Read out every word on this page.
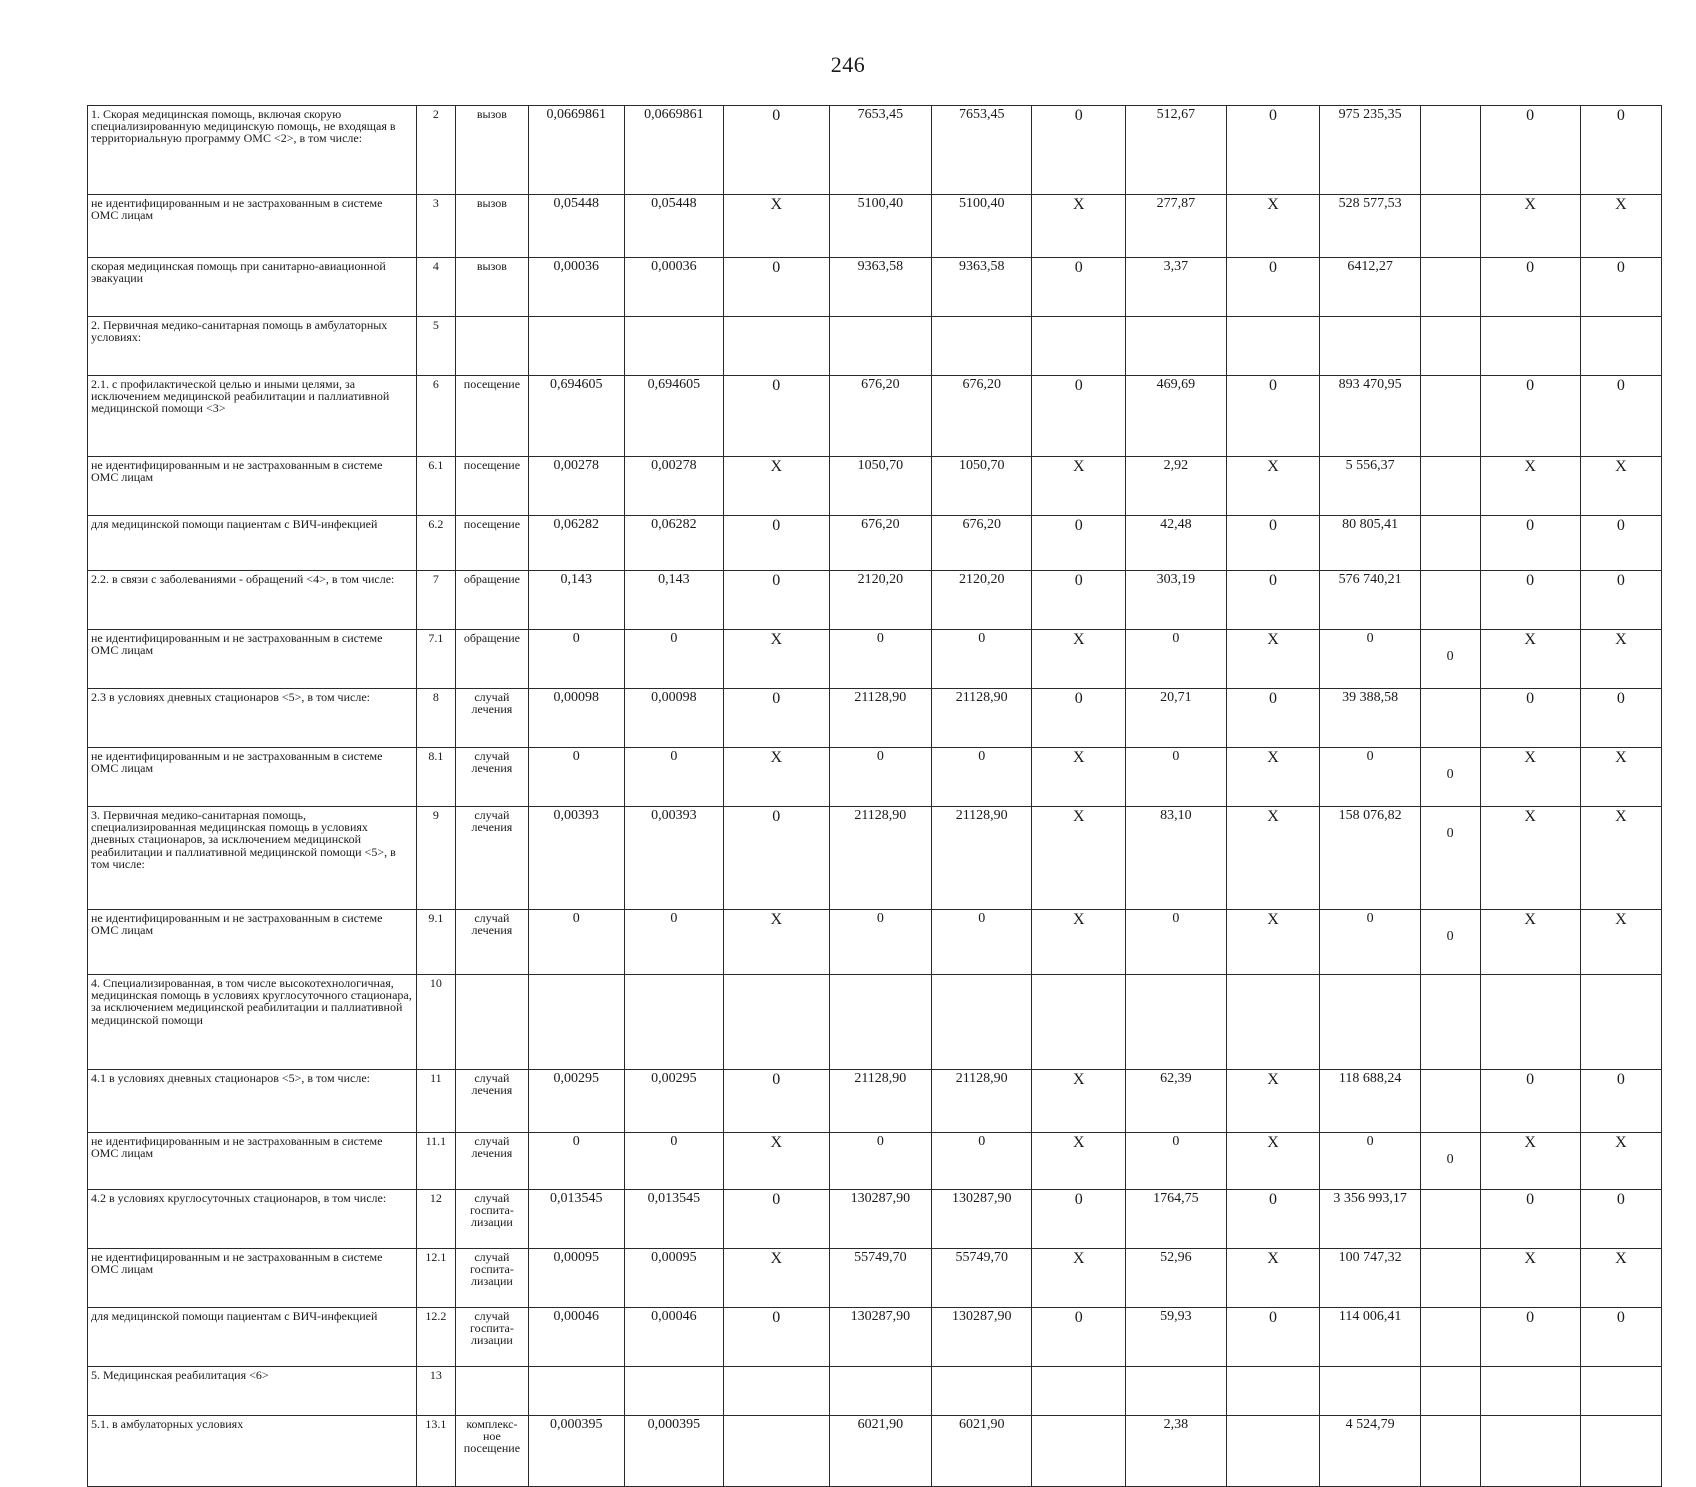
246
1. Скорая медицинская помощь, включая скорую специализированную медицинскую помощь, не входящая в территориальную программу ОМС <2>, в том числе:	2	вызов	0,0669861	0,0669861	0	7653,45	7653,45	0	512,67	0	975 235,35		0	0
не идентифицированным и не застрахованным в системе ОМС лицам	3	вызов	0,05448	0,05448	X	5100,40	5100,40	X	277,87	X	528 577,53		X	X
скорая медицинская помощь при санитарно-авиационной эвакуации	4	вызов	0,00036	0,00036	0	9363,58	9363,58	0	3,37	0	6412,27		0	0
2. Первичная медико-санитарная помощь в амбулаторных условиях:	5													
2.1. с профилактической целью и иными целями, за исключением медицинской реабилитации и паллиативной медицинской помощи <3>	6	посещение	0,694605	0,694605	0	676,20	676,20	0	469,69	0	893 470,95		0	0
не идентифицированным и не застрахованным в системе ОМС лицам	6.1	посещение	0,00278	0,00278	X	1050,70	1050,70	X	2,92	X	5 556,37		X	X
для медицинской помощи пациентам с ВИЧ-инфекцией	6.2	посещение	0,06282	0,06282	0	676,20	676,20	0	42,48	0	80 805,41		0	0
2.2. в связи с заболеваниями - обращений <4>, в том числе:	7	обращение	0,143	0,143	0	2120,20	2120,20	0	303,19	0	576 740,21		0	0
не идентифицированным и не застрахованным в системе ОМС лицам	7.1	обращение	0	0	X	0	0	X	0	X	0	0	X	X
2.3 в условиях дневных стационаров <5>, в том числе:	8	случай лечения	0,00098	0,00098	0	21128,90	21128,90	0	20,71	0	39 388,58		0	0
не идентифицированным и не застрахованным в системе ОМС лицам	8.1	случай лечения	0	0	X	0	0	X	0	X	0	0	X	X
3. Первичная медико-санитарная помощь, специализированная медицинская помощь в условиях дневных стационаров, за исключением медицинской реабилитации и паллиативной медицинской помощи <5>, в том числе:	9	случай лечения	0,00393	0,00393	0	21128,90	21128,90	X	83,10	X	158 076,82	0	X	X
не идентифицированным и не застрахованным в системе ОМС лицам	9.1	случай лечения	0	0	X	0	0	X	0	X	0	0	X	X
4. Специализированная, в том числе высокотехнологичная, медицинская помощь в условиях круглосуточного стационара, за исключением медицинской реабилитации и паллиативной медицинской помощи	10													
4.1 в условиях дневных стационаров <5>, в том числе:	11	случай лечения	0,00295	0,00295	0	21128,90	21128,90	X	62,39	X	118 688,24		0	0
не идентифицированным и не застрахованным в системе ОМС лицам	11.1	случай лечения	0	0	X	0	0	X	0	X	0	0	X	X
4.2 в условиях круглосуточных стационаров, в том числе:	12	случай госпита-лизации	0,013545	0,013545	0	130287,90	130287,90	0	1764,75	0	3 356 993,17		0	0
не идентифицированным и не застрахованным в системе ОМС лицам	12.1	случай госпита-лизации	0,00095	0,00095	X	55749,70	55749,70	X	52,96	X	100 747,32		X	X
для медицинской помощи пациентам с ВИЧ-инфекцией	12.2	случай госпита-лизации	0,00046	0,00046	0	130287,90	130287,90	0	59,93	0	114 006,41		0	0
5. Медицинская реабилитация <6>	13													
5.1. в амбулаторных условиях	13.1	комплекс-ное посещение	0,000395	0,000395		6021,90	6021,90		2,38		4 524,79			
